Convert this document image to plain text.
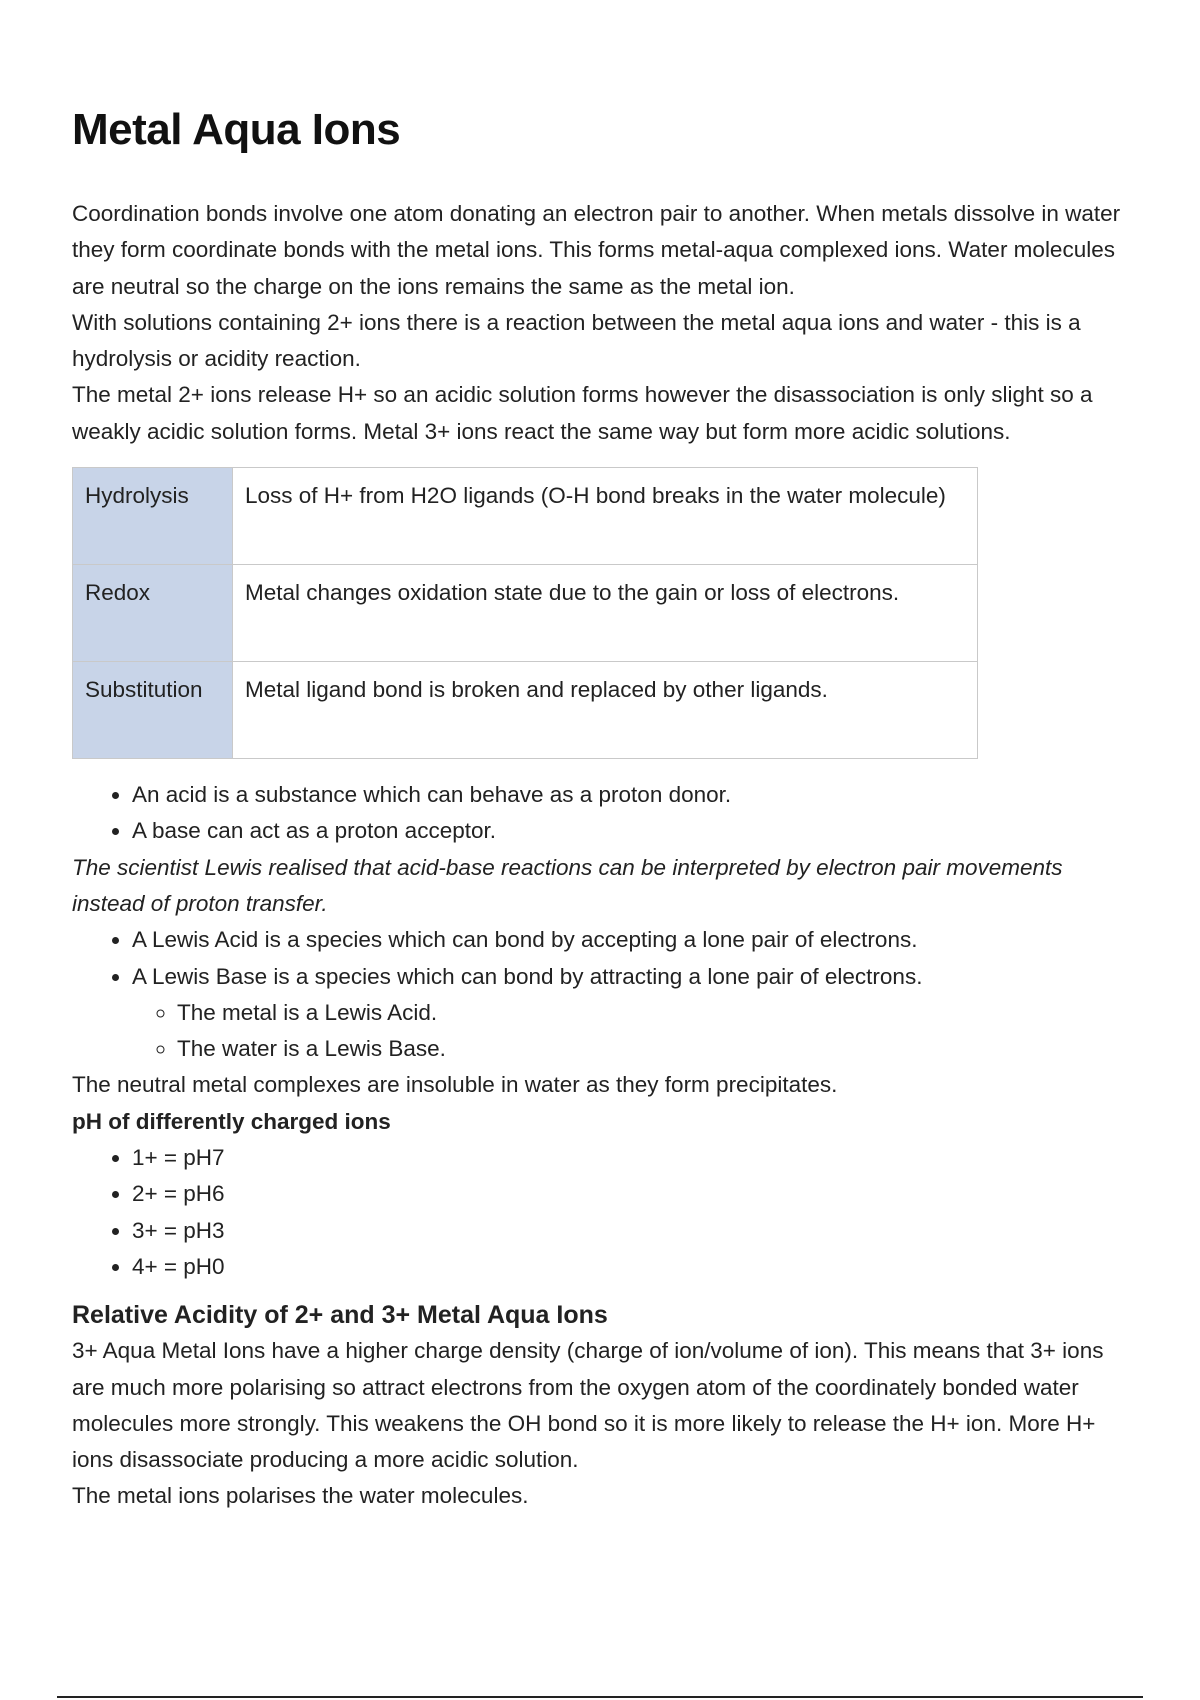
Metal Aqua Ions

Coordination bonds involve one atom donating an electron pair to another. When metals dissolve in water they form coordinate bonds with the metal ions. This forms metal-aqua complexed ions. Water molecules are neutral so the charge on the ions remains the same as the metal ion.

With solutions containing 2+ ions there is a reaction between the metal aqua ions and water - this is a hydrolysis or acidity reaction.

The metal 2+ ions release H+ so an acidic solution forms however the disassociation is only slight so a weakly acidic solution forms. Metal 3+ ions react the same way but form more acidic solutions.

Hydrolysis	Loss of H+ from H2O ligands (O-H bond breaks in the water molecule)
Redox	Metal changes oxidation state due to the gain or loss of electrons.
Substitution	Metal ligand bond is broken and replaced by other ligands.
• An acid is a substance which can behave as a proton donor.
• A base can act as a proton acceptor.

The scientist Lewis realised that acid-base reactions can be interpreted by electron pair movements instead of proton transfer.

• A Lewis Acid is a species which can bond by accepting a lone pair of electrons.
• A Lewis Base is a species which can bond by attracting a lone pair of electrons.
◦ The metal is a Lewis Acid.
◦ The water is a Lewis Base.

The neutral metal complexes are insoluble in water as they form precipitates.

pH of differently charged ions

• 1+ = pH7
• 2+ = pH6
• 3+ = pH3
• 4+ = pH0
Relative Acidity of 2+ and 3+ Metal Aqua Ions

3+ Aqua Metal Ions have a higher charge density (charge of ion/volume of ion). This means that 3+ ions are much more polarising so attract electrons from the oxygen atom of the coordinately bonded water molecules more strongly. This weakens the OH bond so it is more likely to release the H+ ion. More H+ ions disassociate producing a more acidic solution.

The metal ions polarises the water molecules.
